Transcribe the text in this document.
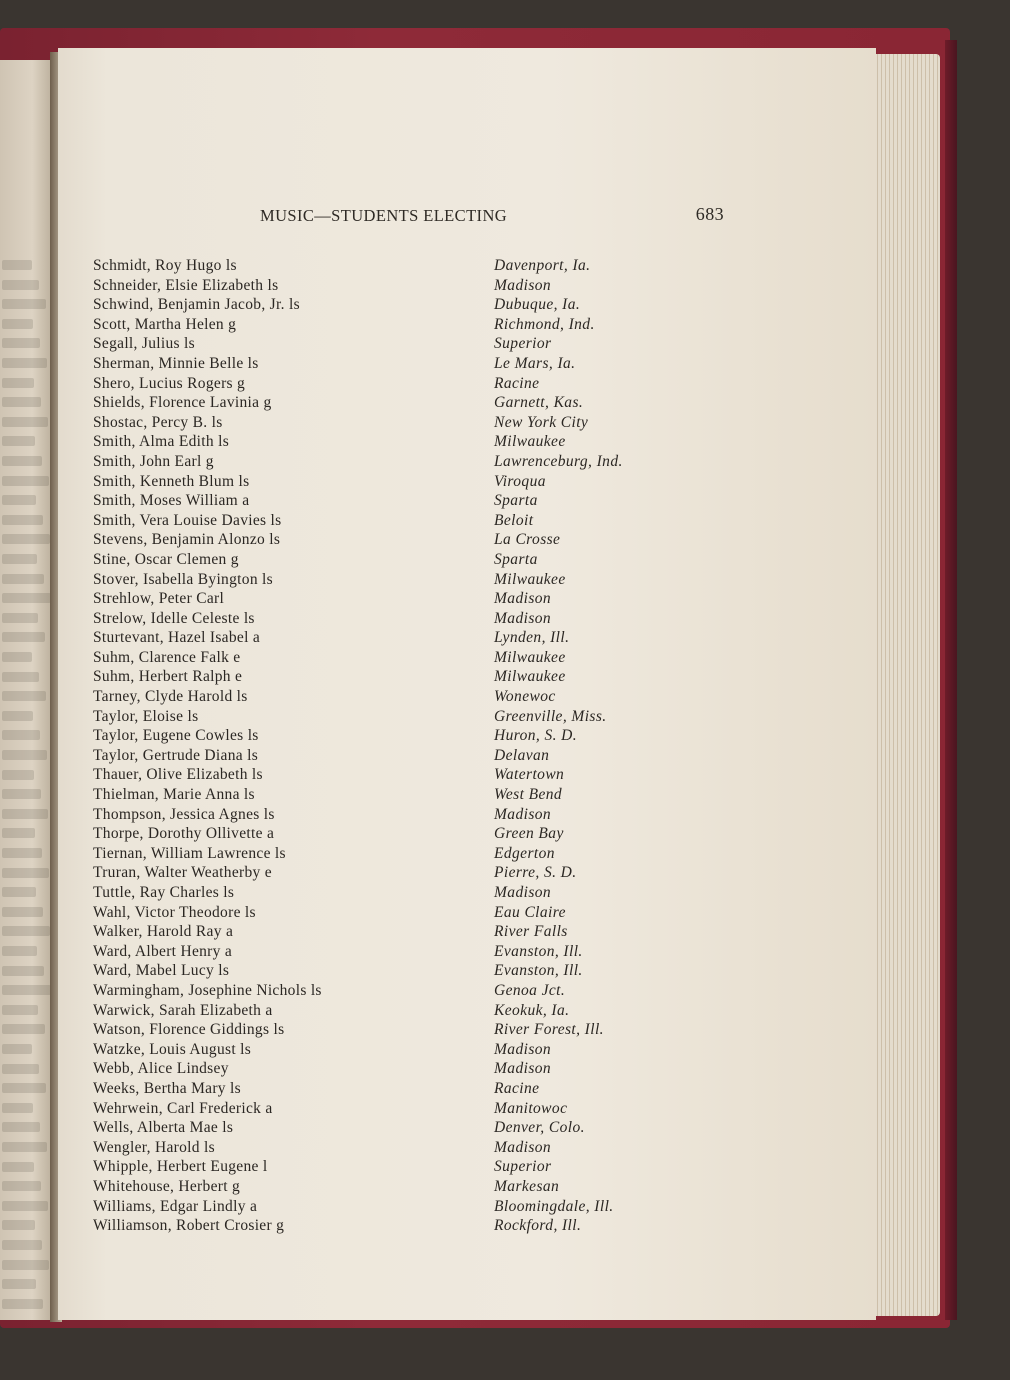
MUSIC—STUDENTS ELECTING	683
Schmidt, Roy Hugo ls	Davenport, Ia.
Schneider, Elsie Elizabeth ls	Madison
Schwind, Benjamin Jacob, Jr. ls	Dubuque, Ia.
Scott, Martha Helen g	Richmond, Ind.
Segall, Julius ls	Superior
Sherman, Minnie Belle ls	Le Mars, Ia.
Shero, Lucius Rogers g	Racine
Shields, Florence Lavinia g	Garnett, Kas.
Shostac, Percy B. ls	New York City
Smith, Alma Edith ls	Milwaukee
Smith, John Earl g	Lawrenceburg, Ind.
Smith, Kenneth Blum ls	Viroqua
Smith, Moses William a	Sparta
Smith, Vera Louise Davies ls	Beloit
Stevens, Benjamin Alonzo ls	La Crosse
Stine, Oscar Clemen g	Sparta
Stover, Isabella Byington ls	Milwaukee
Strehlow, Peter Carl	Madison
Strelow, Idelle Celeste ls	Madison
Sturtevant, Hazel Isabel a	Lynden, Ill.
Suhm, Clarence Falk e	Milwaukee
Suhm, Herbert Ralph e	Milwaukee
Tarney, Clyde Harold ls	Wonewoc
Taylor, Eloise ls	Greenville, Miss.
Taylor, Eugene Cowles ls	Huron, S. D.
Taylor, Gertrude Diana ls	Delavan
Thauer, Olive Elizabeth ls	Watertown
Thielman, Marie Anna ls	West Bend
Thompson, Jessica Agnes ls	Madison
Thorpe, Dorothy Ollivette a	Green Bay
Tiernan, William Lawrence ls	Edgerton
Truran, Walter Weatherby e	Pierre, S. D.
Tuttle, Ray Charles ls	Madison
Wahl, Victor Theodore ls	Eau Claire
Walker, Harold Ray a	River Falls
Ward, Albert Henry a	Evanston, Ill.
Ward, Mabel Lucy ls	Evanston, Ill.
Warmingham, Josephine Nichols ls	Genoa Jct.
Warwick, Sarah Elizabeth a	Keokuk, Ia.
Watson, Florence Giddings ls	River Forest, Ill.
Watzke, Louis August ls	Madison
Webb, Alice Lindsey	Madison
Weeks, Bertha Mary ls	Racine
Wehrwein, Carl Frederick a	Manitowoc
Wells, Alberta Mae ls	Denver, Colo.
Wengler, Harold ls	Madison
Whipple, Herbert Eugene l	Superior
Whitehouse, Herbert g	Markesan
Williams, Edgar Lindly a	Bloomingdale, Ill.
Williamson, Robert Crosier g	Rockford, Ill.
